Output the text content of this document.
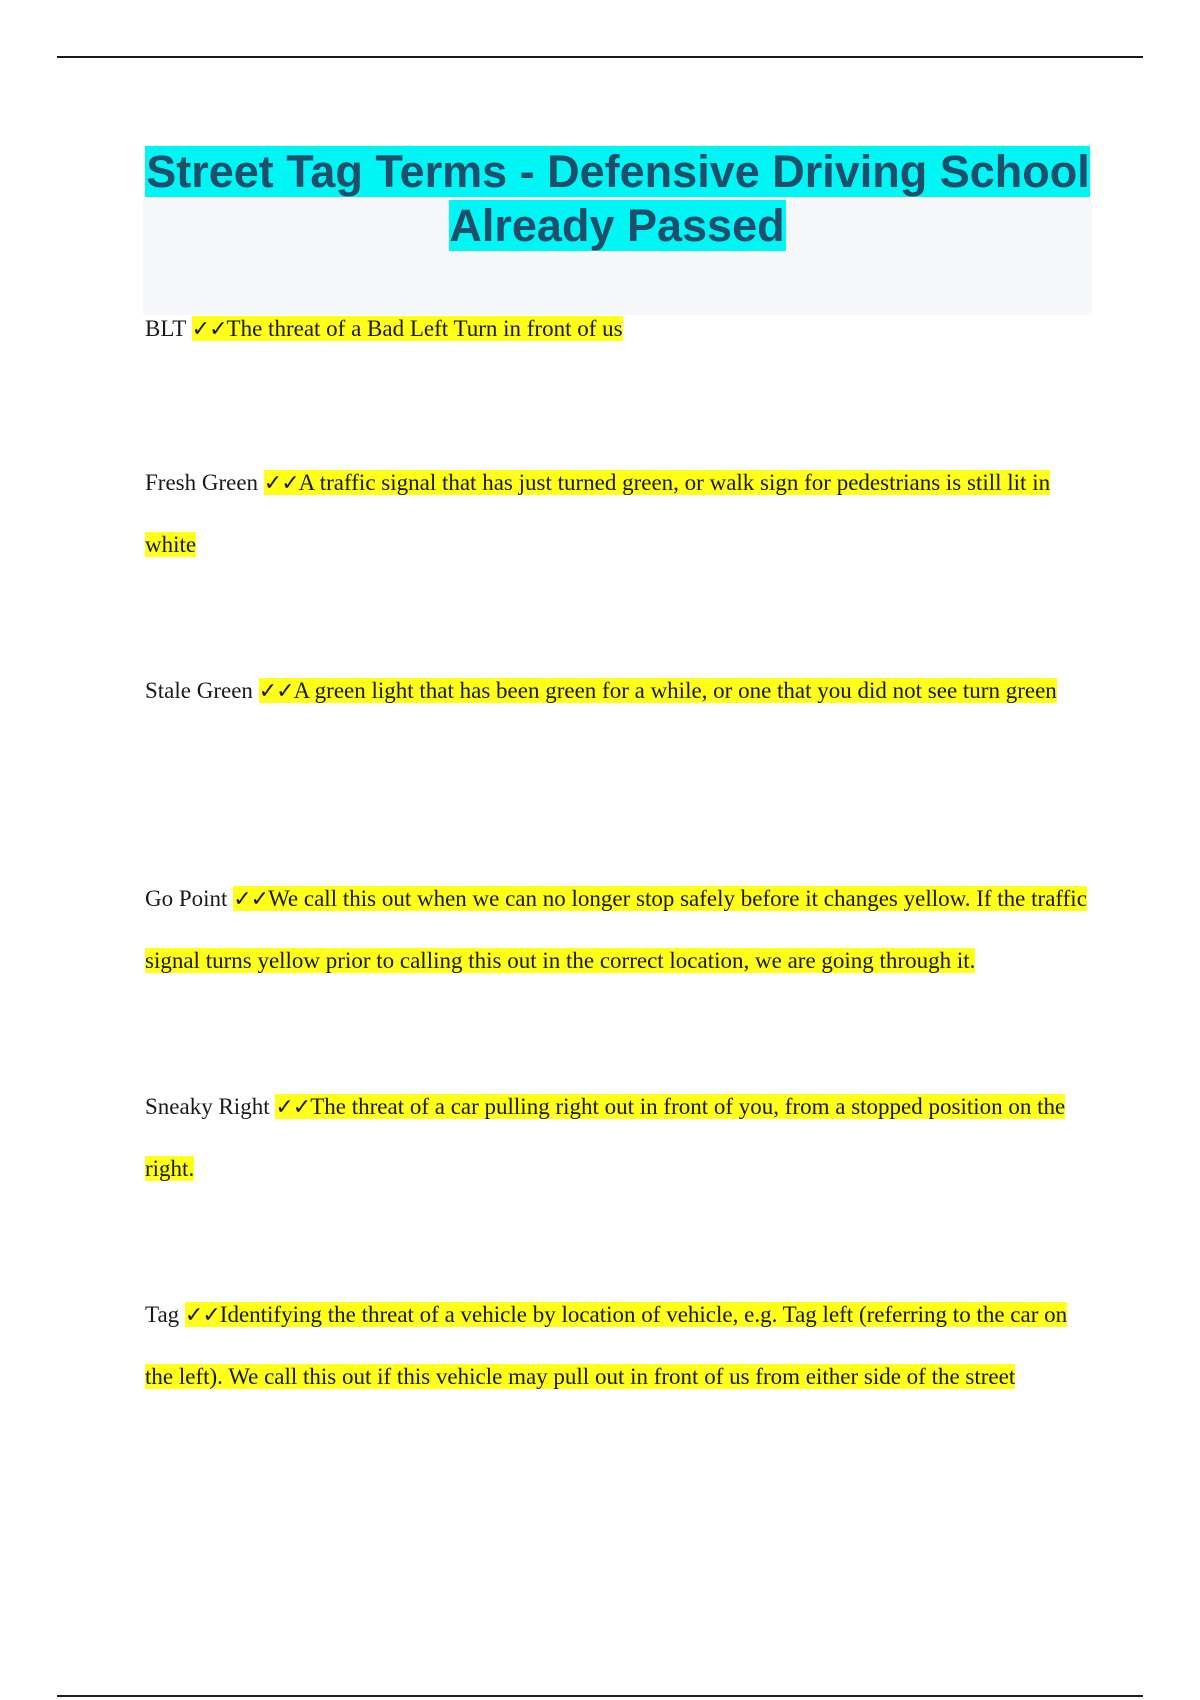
Street Tag Terms - Defensive Driving School Already Passed

BLT ✓✓The threat of a Bad Left Turn in front of us

Fresh Green ✓✓A traffic signal that has just turned green, or walk sign for pedestrians is still lit in white

Stale Green ✓✓A green light that has been green for a while, or one that you did not see turn green

Go Point ✓✓We call this out when we can no longer stop safely before it changes yellow. If the traffic signal turns yellow prior to calling this out in the correct location, we are going through it.

Sneaky Right ✓✓The threat of a car pulling right out in front of you, from a stopped position on the right.

Tag ✓✓Identifying the threat of a vehicle by location of vehicle, e.g. Tag left (referring to the car on the left). We call this out if this vehicle may pull out in front of us from either side of the street
